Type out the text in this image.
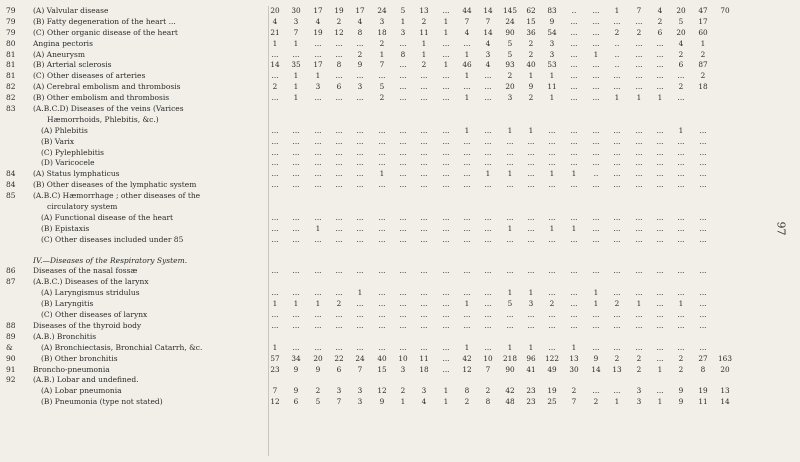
79	(A) Valvular disease	20	30	17	19	17	24	5	13	...	44	14	145	62	83	..	...	1	7	4	20	47	70
79	(B) Fatty degeneration of the heart ...	4	3	4	2	4	3	1	2	1	7	7	24	15	9	...	...	...	...	2	5	17
79	(C) Other organic disease of the heart	21	7	19	12	8	18	3	11	1	4	14	90	36	54	...	...	2	2	6	20	60
80	Angina pectoris	1	1	...	...	...	2	...	1	...	...	4	5	2	3	...	...	..	...	...	4	1
81	(A) Aneurysm	...	...	...	...	2	1	8	1	...	1	3	5	2	3	...	1	..	...	...	2	2
81	(B) Arterial sclerosis	14	35	17	8	9	7	...	2	1	46	4	93	40	53	...	...	..	...	...	6	87
81	(C) Other diseases of arteries	...	1	1	...	...	...	...	...	...	1	...	2	1	1	...	...	...	...	...	...	2
82	(A) Cerebral embolism and thrombosis	2	1	3	6	3	5	...	...	...	...	...	20	9	11	...	...	...	...	...	2	18
82	(B) Other embolism and thrombosis	...	1	...	...	...	2	...	...	...	1	...	3	2	1	...	...	1	1	1	...
83	(A.B.C.D) Diseases of the veins (Varices
Hæmorrhoids, Phlebitis, &c.)
(A) Phlebitis	...	...	...	...	...	...	...	...	...	1	...	1	1	...	...	...	...	...	...	1	...
(B) Varix	...	...	...	...	...	...	...	...	...	...	...	...	...	...	...	...	...	...	...	...	...
(C) Pylephlebitis	...	...	...	...	...	...	...	...	...	...	...	...	...	...	...	...	...	...	...	...	...
(D) Varicocele	...	...	...	...	...	...	...	...	...	...	...	...	...	...	...	...	...	...	...	...	...
84	(A) Status lymphaticus	...	...	...	...	...	1	...	...	...	...	1	1	...	1	1	..	...	...	...	...	...
84	(B) Other diseases of the lymphatic system	...	...	...	...	...	...	...	...	...	...	...	...	...	...	...	...	...	...	...	...	...
85	(A.B.C) Hæmorrhage ; other diseases of the
circulatory system
(A) Functional disease of the heart	...	...	...	...	...	...	...	...	...	...	...	...	...	...	...	...	...	...	...	...	...
(B) Epistaxis	...	...	1	...	...	...	...	...	...	...	...	1	...	1	1	...	...	...	...	...	...
(C) Other diseases included under 85	...	...	...	...	...	...	...	...	...	...	...	...	...	...	...	...	...	...	...	...	...
IV.—Diseases of the Respiratory System.
86	Diseases of the nasal fossæ	...	...	...	...	...	...	...	...	...	...	...	...	...	...	...	...	...	...	...	...	...
87	(A.B.C.) Diseases of the larynx
(A) Laryngismus stridulus	...	...	...	...	1	...	...	...	...	...	...	1	1	...	...	1	...	...	...	...	...
(B) Laryngitis	1	1	1	2	...	...	...	...	...	1	...	5	3	2	...	1	2	1	...	1	...
(C) Other diseases of larynx	...	...	...	...	...	...	...	...	...	...	...	...	...	...	...	...	...	...	...	...	...
88	Diseases of the thyroid body	...	...	...	...	...	...	...	...	...	...	...	...	...	...	...	...	...	...	...	...	...
89	(A.B.) Bronchitis
&	(A) Bronchiectasis, Bronchial Catarrh, &c.	1	...	...	...	...	...	...	...	...	1	...	1	1	...	1	...	...	...	...	...	...
90	(B) Other bronchitis	57	34	20	22	24	40	10	11	...	42	10	218	96	122	13	9	2	2	...	2	27	163
91	Broncho-pneumonia	23	9	9	6	7	15	3	18	...	12	7	90	41	49	30	14	13	2	1	2	8	20
92	(A.B.) Lobar and undefined.
(A) Lobar pneumonia	7	9	2	3	3	12	2	3	1	8	2	42	23	19	2	...	...	3	...	9	19	13
(B) Pneumonia (type not stated)	12	6	5	7	3	9	1	4	1	2	8	48	23	25	7	2	1	3	1	9	11	14
97
